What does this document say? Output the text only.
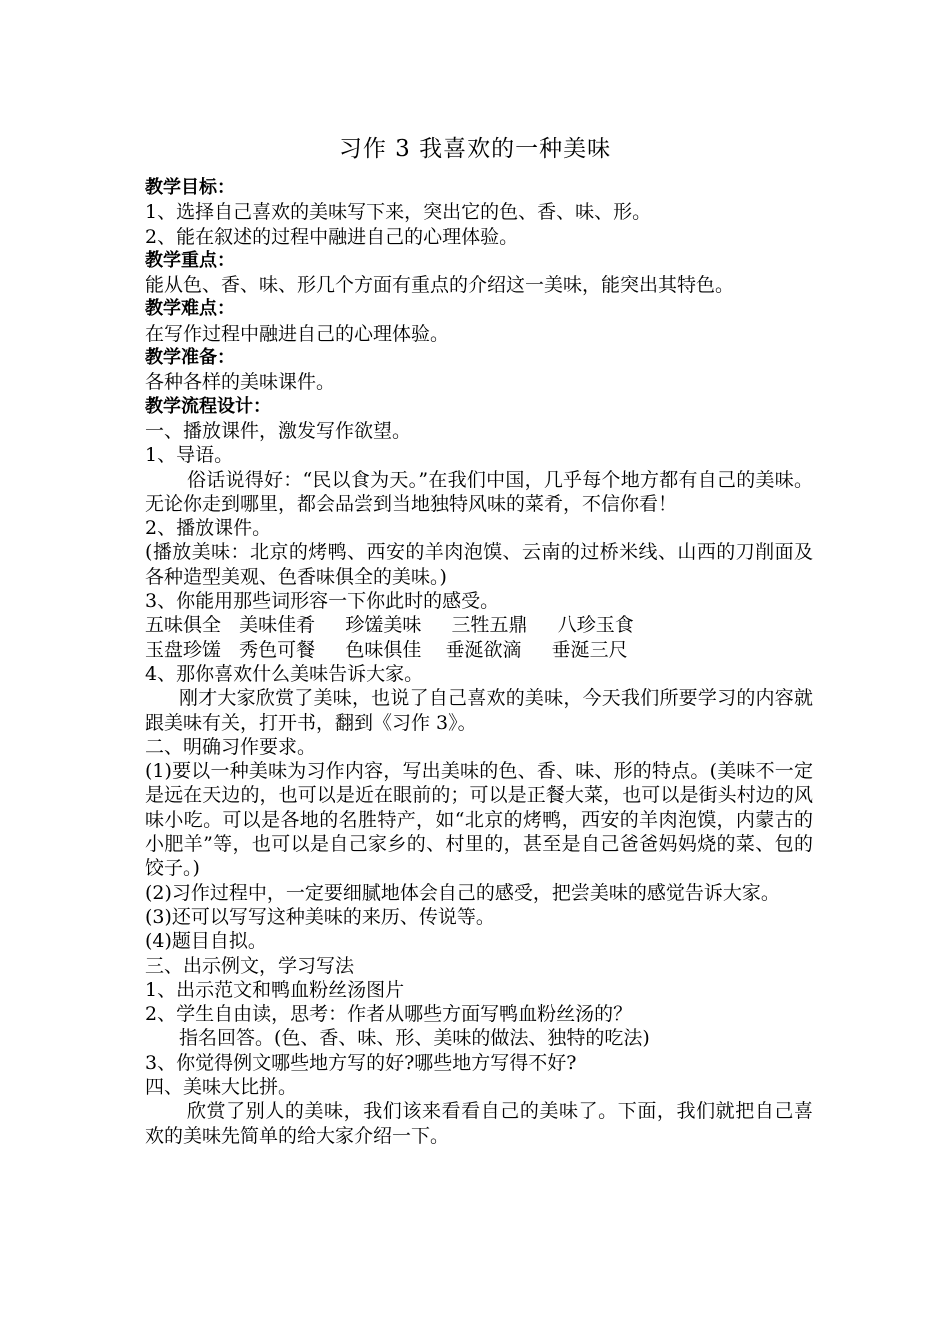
习作 3 我喜欢的一种美味

教学目标：

1、选择自己喜欢的美味写下来，突出它的色、香、味、形。

2、能在叙述的过程中融进自己的心理体验。

教学重点：

能从色、香、味、形几个方面有重点的介绍这一美味，能突出其特色。

教学难点：

在写作过程中融进自己的心理体验。

教学准备：

各种各样的美味课件。

教学流程设计：

一、播放课件，激发写作欲望。

1、导语。

俗话说得好：“民以食为天。”在我们中国，几乎每个地方都有自己的美味。无论你走到哪里，都会品尝到当地独特风味的菜肴，不信你看！

2、播放课件。

(播放美味：北京的烤鸭、西安的羊肉泡馍、云南的过桥米线、山西的刀削面及各种造型美观、色香味俱全的美味。)

3、你能用那些词形容一下你此时的感受。

五味俱全   美味佳肴     珍馐美味     三牲五鼎     八珍玉食

玉盘珍馐   秀色可餐     色味俱佳    垂涎欲滴     垂涎三尺

4、那你喜欢什么美味告诉大家。

刚才大家欣赏了美味，也说了自己喜欢的美味，今天我们所要学习的内容就跟美味有关，打开书，翻到《习作 3》。

二、明确习作要求。

(1)要以一种美味为习作内容，写出美味的色、香、味、形的特点。(美味不一定是远在天边的，也可以是近在眼前的；可以是正餐大菜，也可以是街头村边的风味小吃。可以是各地的名胜特产，如“北京的烤鸭，西安的羊肉泡馍，内蒙古的小肥羊”等，也可以是自己家乡的、村里的，甚至是自己爸爸妈妈烧的菜、包的饺子。)

(2)习作过程中，一定要细腻地体会自己的感受，把尝美味的感觉告诉大家。

(3)还可以写写这种美味的来历、传说等。

(4)题目自拟。

三、出示例文，学习写法

1、出示范文和鸭血粉丝汤图片

2、学生自由读，思考：作者从哪些方面写鸭血粉丝汤的？

指名回答。(色、香、味、形、美味的做法、独特的吃法)

3、你觉得例文哪些地方写的好?哪些地方写得不好?

四、美味大比拼。

欣赏了别人的美味，我们该来看看自己的美味了。下面，我们就把自己喜欢的美味先简单的给大家介绍一下。
